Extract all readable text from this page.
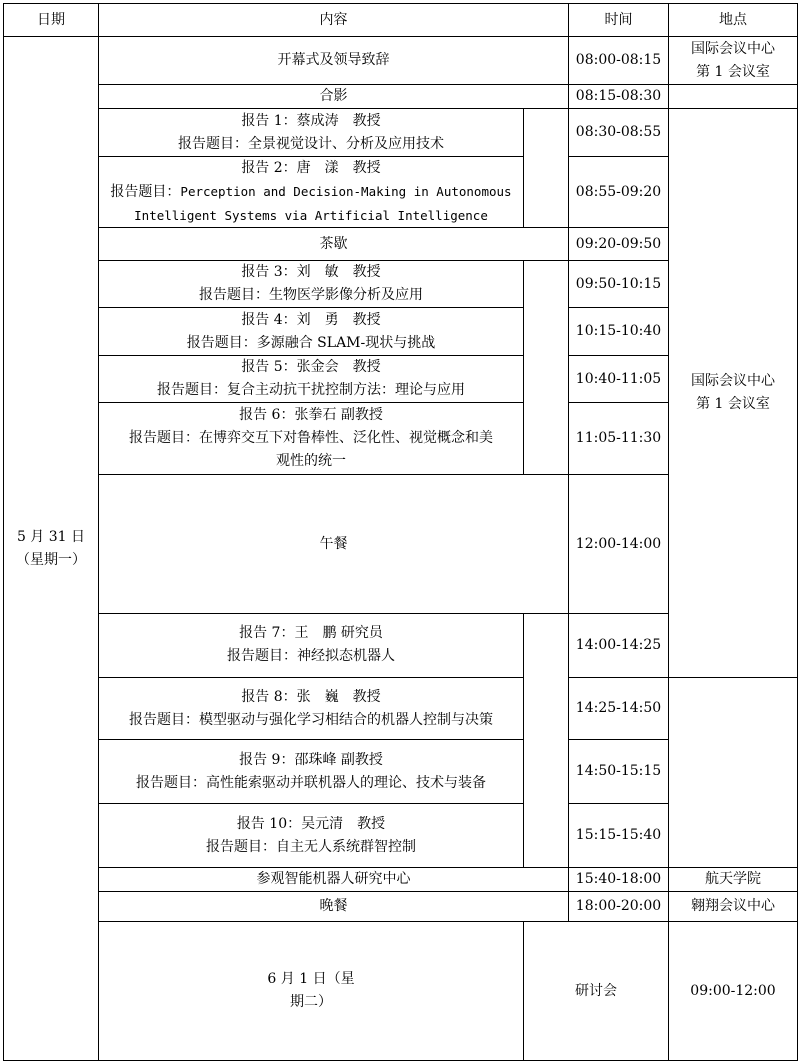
日期	内容		时间	地点	

5 月 31 日
（星期一）	开幕式及领导致辞		08:00-08:15	国际会议中心
第 1 会议室	

	合影		08:15-08:30		

	报告 1：蔡成涛　教授
报告题目：全景视觉设计、分析及应用技术		08:30-08:55	国际会议中心
第 1 会议室	

	报告 2：唐　漾　教授
报告题目：Perception and Decision-Making in Autonomous
Intelligent Systems via Artificial Intelligence		08:55-09:20		
	茶歇		09:20-09:50		

	报告 3：刘　敏　教授
报告题目：生物医学影像分析及应用		09:50-10:15		

	报告 4：刘　勇　教授
报告题目：多源融合 SLAM-现状与挑战		10:15-10:40		

	报告 5：张金会　教授
报告题目：复合主动抗干扰控制方法：理论与应用		10:40-11:05		

	报告 6：张拳石 副教授
报告题目：在博弈交互下对鲁棒性、泛化性、视觉概念和美
观性的统一		11:05-11:30		
	午餐		12:00-14:00	

	报告 7：王　鹏 研究员
报告题目：神经拟态机器人		14:00-14:25	

	报告 8：张　巍　教授
报告题目：模型驱动与强化学习相结合的机器人控制与决策		14:25-14:50		

	报告 9：邵珠峰 副教授
报告题目：高性能索驱动并联机器人的理论、技术与装备		14:50-15:15		

	报告 10：吴元清　教授
报告题目：自主无人系统群智控制		15:15-15:40		
	参观智能机器人研究中心		15:40-18:00	航天学院	
	晚餐		18:00-20:00	翱翔会议中心	

	6 月 1 日（星
期二）	研讨会		09:00-12:00	
